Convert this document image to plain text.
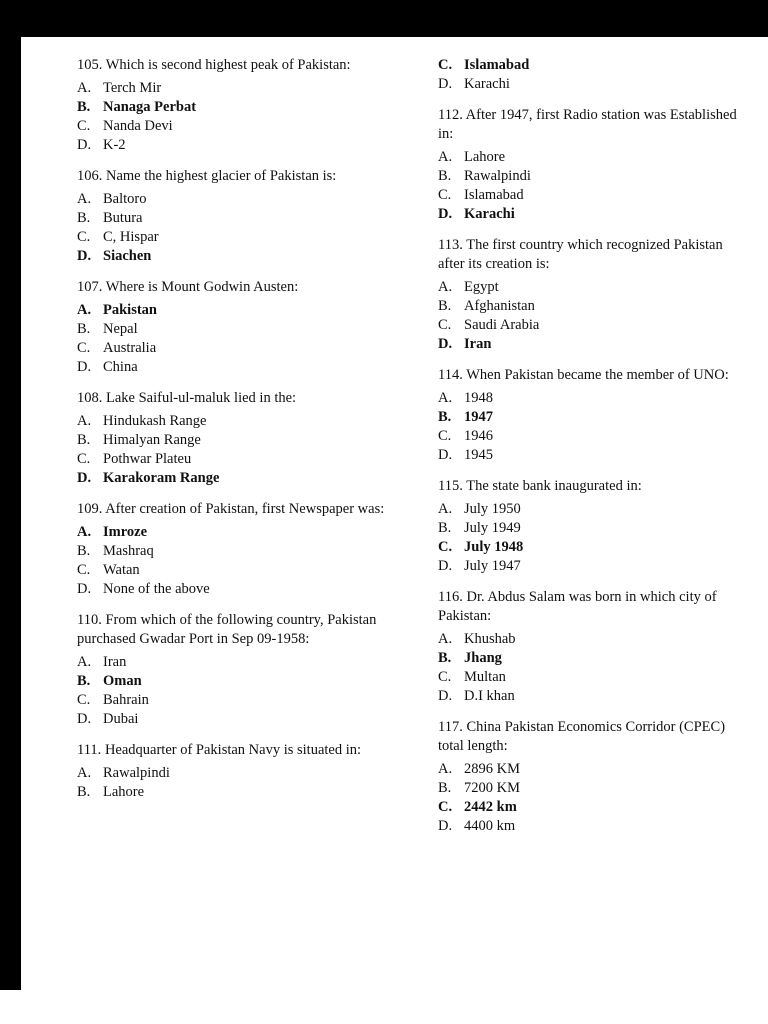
105. Which is second highest peak of Pakistan:
A. Terch Mir
B. Nanaga Perbat
C. Nanda Devi
D. K-2
106. Name the highest glacier of Pakistan is:
A. Baltoro
B. Butura
C. C, Hispar
D. Siachen
107. Where is Mount Godwin Austen:
A. Pakistan
B. Nepal
C. Australia
D. China
108. Lake Saiful-ul-maluk lied in the:
A. Hindukash Range
B. Himalyan Range
C. Pothwar Plateu
D. Karakoram Range
109. After creation of Pakistan, first Newspaper was:
A. Imroze
B. Mashraq
C. Watan
D. None of the above
110. From which of the following country, Pakistan purchased Gwadar Port in Sep 09-1958:
A. Iran
B. Oman
C. Bahrain
D. Dubai
111. Headquarter of Pakistan Navy is situated in:
A. Rawalpindi
B. Lahore
C. Islamabad
D. Karachi
112. After 1947, first Radio station was Established in:
A. Lahore
B. Rawalpindi
C. Islamabad
D. Karachi
113. The first country which recognized Pakistan after its creation is:
A. Egypt
B. Afghanistan
C. Saudi Arabia
D. Iran
114. When Pakistan became the member of UNO:
A. 1948
B. 1947
C. 1946
D. 1945
115. The state bank inaugurated in:
A. July 1950
B. July 1949
C. July 1948
D. July 1947
116. Dr. Abdus Salam was born in which city of Pakistan:
A. Khushab
B. Jhang
C. Multan
D. D.I khan
117. China Pakistan Economics Corridor (CPEC) total length:
A. 2896 KM
B. 7200 KM
C. 2442 km
D. 4400 km
